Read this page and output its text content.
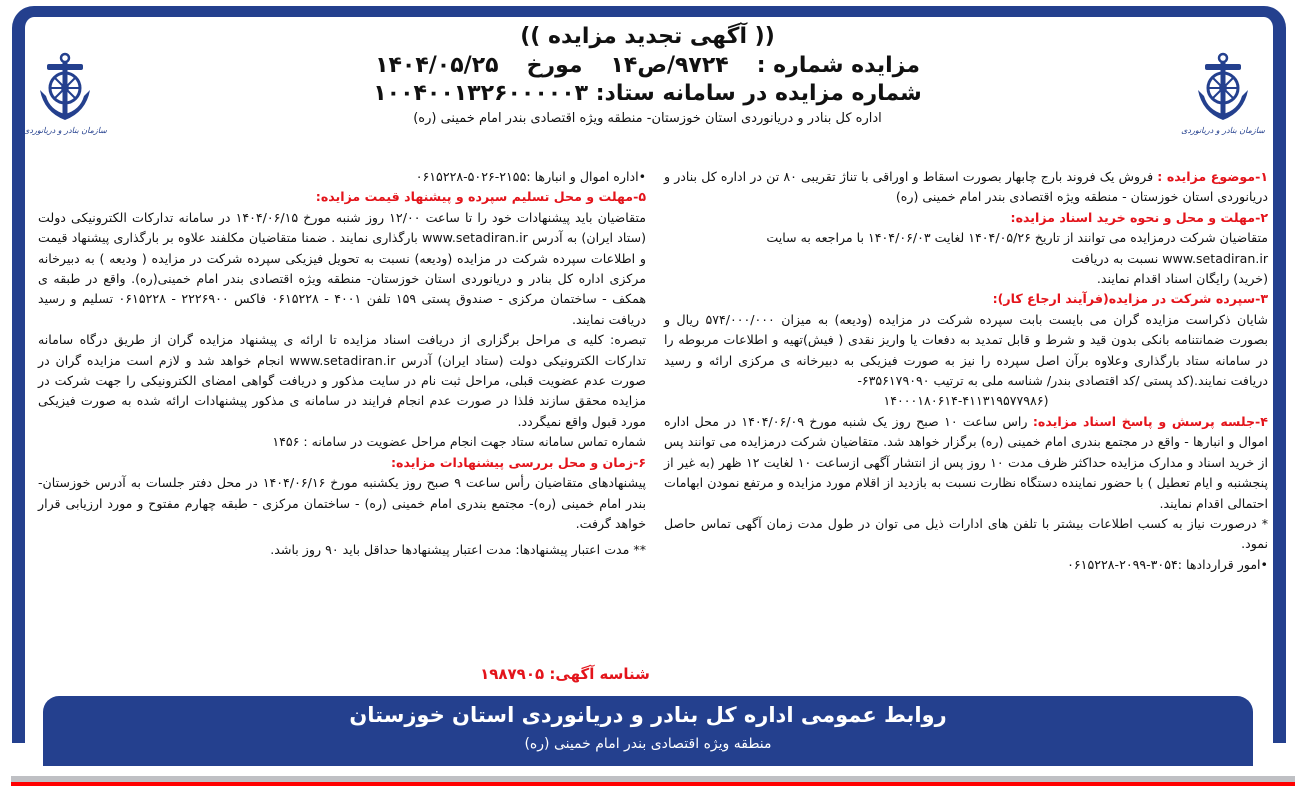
سازمان بنادر و دریانوردی	سازمان بنادر و دریانوردی
(( آگهی تجدید مزایده ))
مزایده شماره :۹۷۲۴/ص۱۴مورخ۱۴۰۴/۰۵/۲۵
شماره مزایده در سامانه ستاد: ۱۰۰۴۰۰۱۳۲۶۰۰۰۰۰۳
اداره کل بنادر و دریانوردی استان خوزستان- منطقه ویژه اقتصادی بندر امام خمینی (ره)

۱-موضوع مزایده : فروش یک فروند بارج چابهار بصورت اسقاط و اوراقی با تناژ تقریبی ۸۰ تن در اداره کل بنادر و دریانوردی استان خوزستان - منطقه ویژه اقتصادی بندر امام خمینی (ره)

۲-مهلت و محل و نحوه خرید اسناد مزایده:

متقاضیان شرکت درمزایده می توانند از تاریخ ۱۴۰۴/۰۵/۲۶ لغایت ۱۴۰۴/۰۶/۰۳ با مراجعه به سایت

www.setadiran.ir نسبت به دریافت

(خرید) رایگان اسناد اقدام نمایند.

۳-سپرده شرکت در مزایده(فرآیند ارجاع کار):

شایان ذکراست مزایده گران می بایست بابت سپرده شرکت در مزایده (ودیعه) به میزان ۵۷۴/۰۰۰/۰۰۰ ریال و بصورت ضمانتنامه بانکی بدون قید و شرط و قابل تمدید به دفعات یا واریز نقدی ( فیش)تهیه و اطلاعات مربوطه را در سامانه ستاد بارگذاری وعلاوه برآن اصل سپرده را نیز به صورت فیزیکی به دبیرخانه ی مرکزی ارائه و رسید دریافت نمایند.(کد پستی /کد اقتصادی بندر/ شناسه ملی به ترتیب ۶۳۵۶۱۷۹۰۹۰-

(۱۴۰۰۰۱۸۰۶۱۴-۴۱۱۳۱۹۵۷۷۹۸۶

۴-جلسه پرسش و پاسخ اسناد مزایده: راس ساعت ۱۰ صبح روز یک شنبه مورخ ۱۴۰۴/۰۶/۰۹ در محل اداره اموال و انبارها - واقع در مجتمع بندری امام خمینی (ره) برگزار خواهد شد. متقاضیان شرکت درمزایده می توانند پس از خرید اسناد و مدارک مزایده حداکثر ظرف مدت ۱۰ روز پس از انتشار آگهی ازساعت ۱۰ لغایت ۱۲ ظهر (به غیر از پنجشنبه و ایام تعطیل ) با حضور نماینده دستگاه نظارت نسبت به بازدید از اقلام مورد مزایده و مرتفع نمودن ابهامات احتمالی اقدام نمایند.

* درصورت نیاز به کسب اطلاعات بیشتر با تلفن های ادارات ذیل می توان در طول مدت زمان آگهی تماس حاصل نمود.

•امور قراردادها :۳۰۵۴-۲۰۹۹-۰۶۱۵۲۲۸

•اداره اموال و انبارها :۲۱۵۵-۵۰۲۶-۰۶۱۵۲۲۸

۵-مهلت و محل تسلیم سپرده و پیشنهاد قیمت مزایده:

متقاضیان باید پیشنهادات خود را تا ساعت ۱۲/۰۰ روز شنبه مورخ ۱۴۰۴/۰۶/۱۵ در سامانه تدارکات الکترونیکی دولت (ستاد ایران) به آدرس www.setadiran.ir بارگذاری نمایند . ضمنا متقاضیان مکلفند علاوه بر بارگذاری پیشنهاد قیمت و اطلاعات سپرده شرکت در مزایده (ودیعه) نسبت به تحویل فیزیکی سپرده شرکت در مزایده ( ودیعه ) به دبیرخانه مرکزی اداره کل بنادر و دریانوردی استان خوزستان- منطقه ویژه اقتصادی بندر امام خمینی(ره). واقع در طبقه ی همکف - ساختمان مرکزی - صندوق پستی ۱۵۹ تلفن ۴۰۰۱ - ۰۶۱۵۲۲۸ فاکس ۲۲۲۶۹۰۰ - ۰۶۱۵۲۲۸ تسلیم و رسید دریافت نمایند.

تبصره: کلیه ی مراحل برگزاری از دریافت اسناد مزایده تا ارائه ی پیشنهاد مزایده گران از طریق درگاه سامانه تدارکات الکترونیکی دولت (ستاد ایران) آدرس www.setadiran.ir انجام خواهد شد و لازم است مزایده گران در صورت عدم عضویت قبلی، مراحل ثبت نام در سایت مذکور و دریافت گواهی امضای الکترونیکی را جهت شرکت در مزایده محقق سازند فلذا در صورت عدم انجام فرایند در سامانه ی مذکور پیشنهادات ارائه شده به صورت فیزیکی مورد قبول واقع نمیگردد.

شماره تماس سامانه ستاد جهت انجام مراحل عضویت در سامانه : ۱۴۵۶

۶-زمان و محل بررسی پیشنهادات مزایده:

پیشنهادهای متقاضیان رأس ساعت ۹ صبح روز یکشنبه مورخ ۱۴۰۴/۰۶/۱۶ در محل دفتر جلسات به آدرس خوزستان- بندر امام خمینی (ره)- مجتمع بندری امام خمینی (ره) - ساختمان مرکزی - طبقه چهارم مفتوح و مورد ارزیابی قرار خواهد گرفت.

** مدت اعتبار پیشنهادها: مدت اعتبار پیشنهادها حداقل باید ۹۰ روز باشد.

شناسه آگهی: ۱۹۸۷۹۰۵
روابط عمومی اداره کل بنادر و دریانوردی استان خوزستان
منطقه ویژه اقتصادی بندر امام خمینی (ره)
